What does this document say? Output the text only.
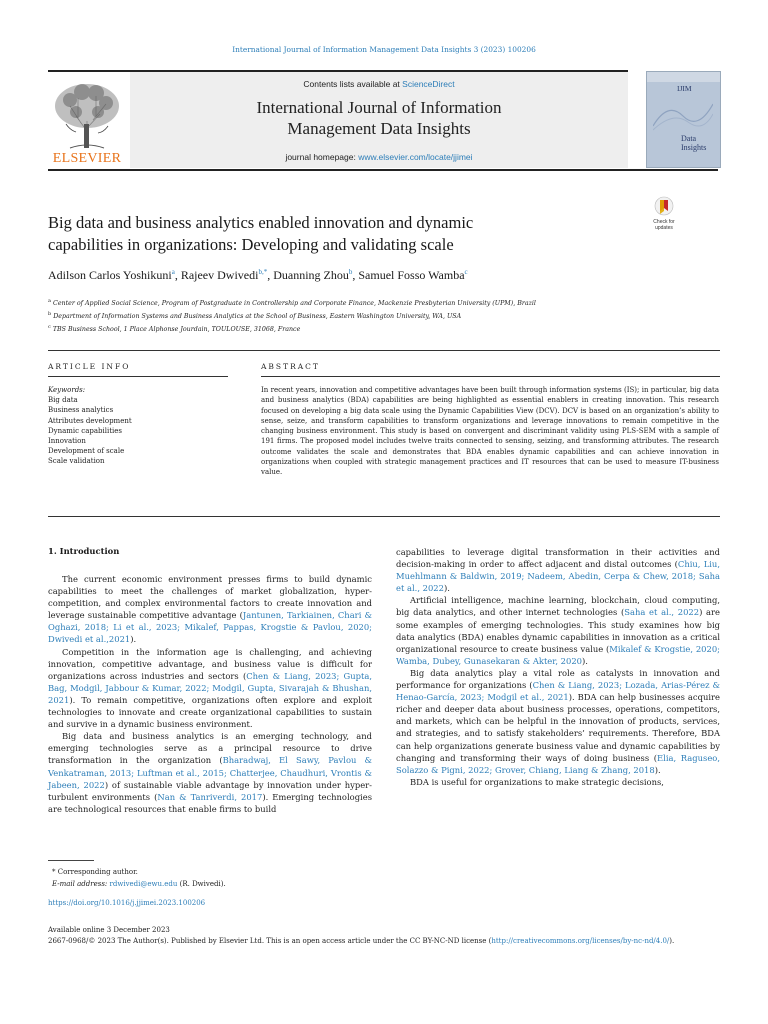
International Journal of Information Management Data Insights 3 (2023) 100206
ELSEVIER
Contents lists available at ScienceDirect
International Journal of Information
Management Data Insights
journal homepage: www.elsevier.com/locate/jjimei
IJIM
Data
Insights
Check for
updates
Big data and business analytics enabled innovation and dynamic
capabilities in organizations: Developing and validating scale
Adilson Carlos Yoshikuni$^a$, Rajeev Dwivedi$^{b,*}$, Duanning Zhou$^b$, Samuel Fosso Wamba$^c$
$^a$ Center of Applied Social Science, Program of Postgraduate in Controllership and Corporate Finance, Mackenzie Presbyterian University (UPM), Brazil
$^b$ Department of Information Systems and Business Analytics at the School of Business, Eastern Washington University, WA, USA
$^c$ TBS Business School, 1 Place Alphonse Jourdain, TOULOUSE, 31068, France
ARTICLE INFO	ABSTRACT
Keywords:
Big data
Business analytics
Attributes development
Dynamic capabilities
Innovation
Development of scale
Scale validation
In recent years, innovation and competitive advantages have been built through information systems (IS); in particular, big data and business analytics (BDA) capabilities are being highlighted as essential enablers in creating innovation. This research focused on developing a big data scale using the Dynamic Capabilities View (DCV). DCV is based on an organization’s ability to sense, seize, and transform capabilities to transform organizations and leverage innovations to remain competitive in the changing business environment. This study is based on convergent and discriminant validity using PLS-SEM with a sample of 191 firms. The proposed model includes twelve traits connected to sensing, seizing, and transforming attributes. The research outcome validates the scale and demonstrates that BDA enables dynamic capabilities and can achieve innovation in organizations when coupled with strategic management practices and IT resources that can be used to measure IT-business value.
1. Introduction

The current economic environment presses firms to build dynamic capabilities to meet the challenges of market globalization, hyper-competition, and complex environmental factors to create innovation and leverage sustainable competitive advantage (Jantunen, Tarkiainen, Chari & Oghazi, 2018; Li et al., 2023; Mikalef, Pappas, Krogstie & Pavlou, 2020; Dwivedi et al.,2021).

Competition in the information age is challenging, and achieving innovation, competitive advantage, and business value is difficult for organizations across industries and sectors (Chen & Liang, 2023; Gupta, Bag, Modgil, Jabbour & Kumar, 2022; Modgil, Gupta, Sivarajah & Bhushan, 2021). To remain competitive, organizations often explore and exploit technologies to innovate and create organizational capabilities to sustain and survive in a dynamic business environment.

Big data and business analytics is an emerging technology, and emerging technologies serve as a principal resource to drive transformation in the organization (Bharadwaj, El Sawy, Pavlou & Venkatraman, 2013; Luftman et al., 2015; Chatterjee, Chaudhuri, Vrontis & Jabeen, 2022) of sustainable viable advantage by innovation under hyper-turbulent environments (Nan & Tanriverdi, 2017). Emerging technologies are technological resources that enable firms to build

capabilities to leverage digital transformation in their activities and decision-making in order to affect adjacent and distal outcomes (Chiu, Liu, Muehlmann & Baldwin, 2019; Nadeem, Abedin, Cerpa & Chew, 2018; Saha et al., 2022).

Artificial intelligence, machine learning, blockchain, cloud computing, big data analytics, and other internet technologies (Saha et al., 2022) are some examples of emerging technologies. This study examines how big data analytics (BDA) enables dynamic capabilities in innovation as a critical organizational resource to create business value (Mikalef & Krogstie, 2020; Wamba, Dubey, Gunasekaran & Akter, 2020).

Big data analytics play a vital role as catalysts in innovation and performance for organizations (Chen & Liang, 2023; Lozada, Arias-Pérez & Henao-García, 2023; Modgil et al., 2021). BDA can help businesses acquire richer and deeper data about business processes, operations, competitors, and markets, which can be helpful in the innovation of products, services, and strategies, and to satisfy stakeholders’ requirements. Therefore, BDA can help organizations generate business value and dynamic capabilities by changing and transforming their ways of doing business (Elia, Raguseo, Solazzo & Pigni, 2022; Grover, Chiang, Liang & Zhang, 2018).

BDA is useful for organizations to make strategic decisions,

* Corresponding author.
E-mail address: rdwivedi@ewu.edu (R. Dwivedi).
https://doi.org/10.1016/j.jjimei.2023.100206
Available online 3 December 2023
2667-0968/© 2023 The Author(s). Published by Elsevier Ltd. This is an open access article under the CC BY-NC-ND license (http://creativecommons.org/licenses/by-nc-nd/4.0/).
